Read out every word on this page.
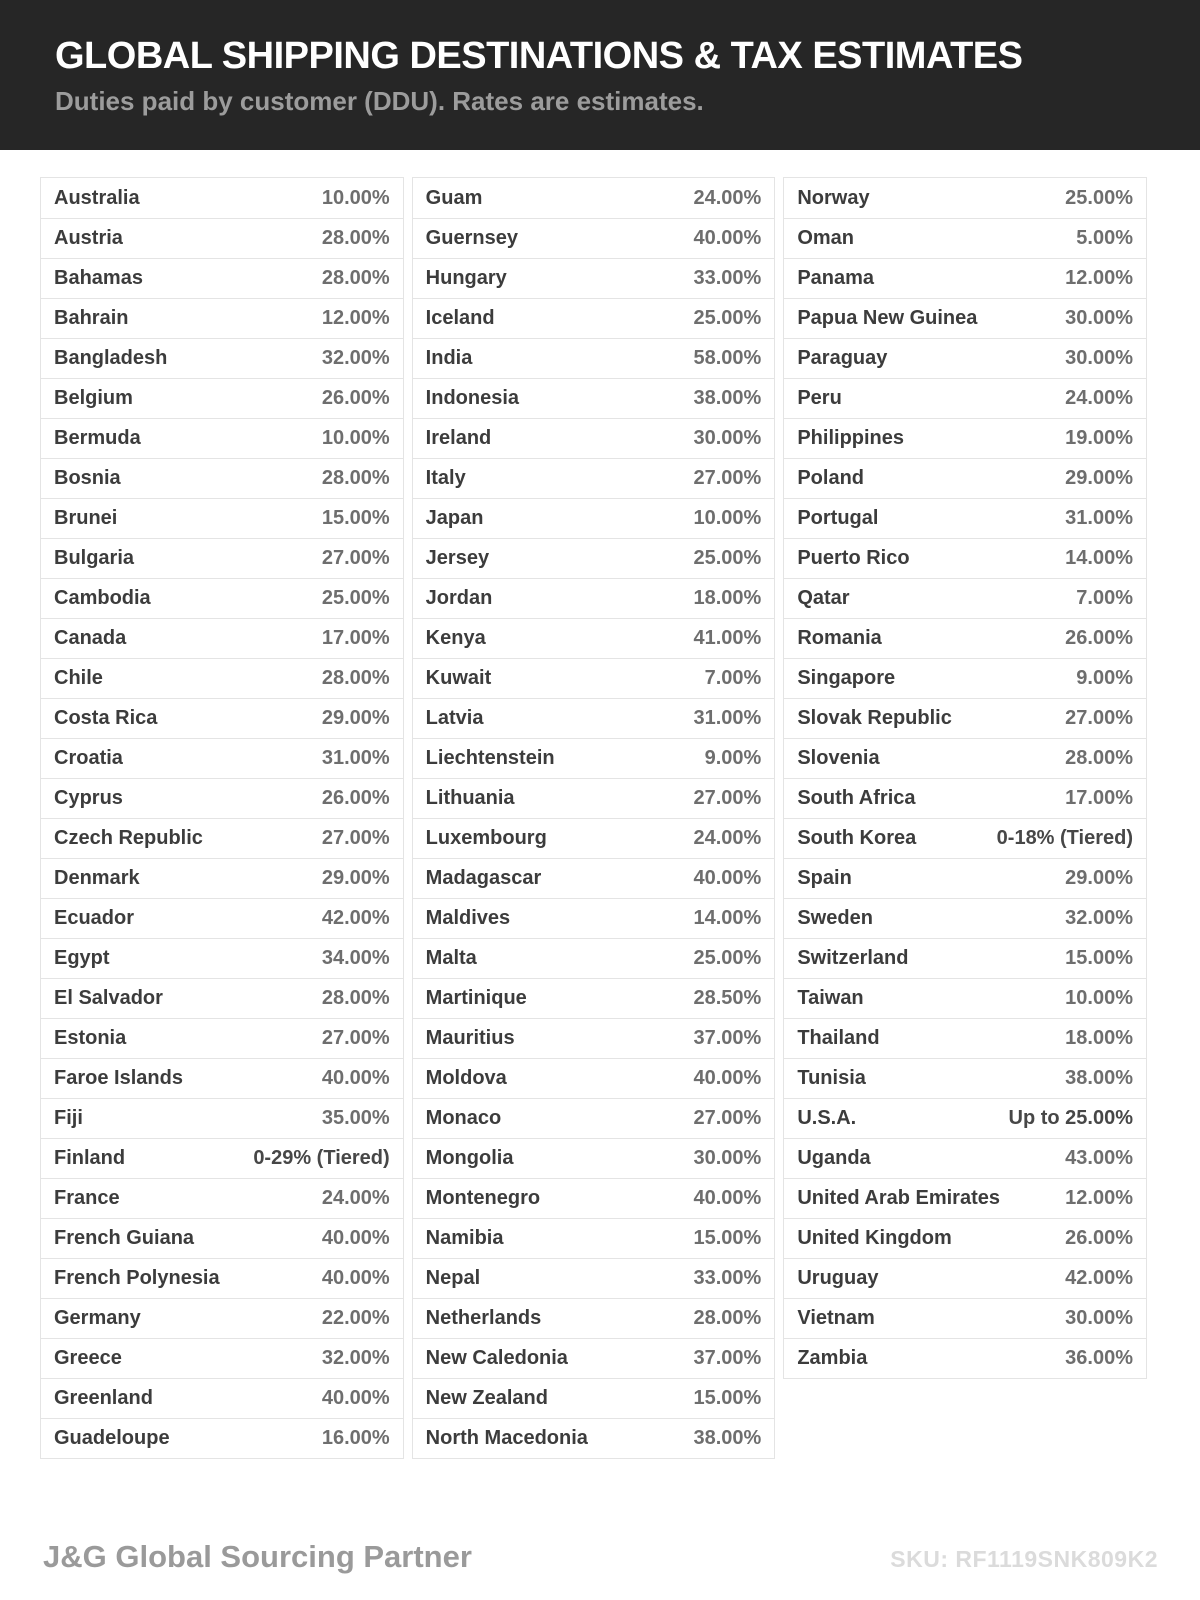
GLOBAL SHIPPING DESTINATIONS & TAX ESTIMATES

Duties paid by customer (DDU). Rates are estimates.

Australia	10.00%
Austria	28.00%
Bahamas	28.00%
Bahrain	12.00%
Bangladesh	32.00%
Belgium	26.00%
Bermuda	10.00%
Bosnia	28.00%
Brunei	15.00%
Bulgaria	27.00%
Cambodia	25.00%
Canada	17.00%
Chile	28.00%
Costa Rica	29.00%
Croatia	31.00%
Cyprus	26.00%
Czech Republic	27.00%
Denmark	29.00%
Ecuador	42.00%
Egypt	34.00%
El Salvador	28.00%
Estonia	27.00%
Faroe Islands	40.00%
Fiji	35.00%
Finland	0-29% (Tiered)
France	24.00%
French Guiana	40.00%
French Polynesia	40.00%
Germany	22.00%
Greece	32.00%
Greenland	40.00%
Guadeloupe	16.00%
Guam	24.00%
Guernsey	40.00%
Hungary	33.00%
Iceland	25.00%
India	58.00%
Indonesia	38.00%
Ireland	30.00%
Italy	27.00%
Japan	10.00%
Jersey	25.00%
Jordan	18.00%
Kenya	41.00%
Kuwait	7.00%
Latvia	31.00%
Liechtenstein	9.00%
Lithuania	27.00%
Luxembourg	24.00%
Madagascar	40.00%
Maldives	14.00%
Malta	25.00%
Martinique	28.50%
Mauritius	37.00%
Moldova	40.00%
Monaco	27.00%
Mongolia	30.00%
Montenegro	40.00%
Namibia	15.00%
Nepal	33.00%
Netherlands	28.00%
New Caledonia	37.00%
New Zealand	15.00%
North Macedonia	38.00%
Norway	25.00%
Oman	5.00%
Panama	12.00%
Papua New Guinea	30.00%
Paraguay	30.00%
Peru	24.00%
Philippines	19.00%
Poland	29.00%
Portugal	31.00%
Puerto Rico	14.00%
Qatar	7.00%
Romania	26.00%
Singapore	9.00%
Slovak Republic	27.00%
Slovenia	28.00%
South Africa	17.00%
South Korea	0-18% (Tiered)
Spain	29.00%
Sweden	32.00%
Switzerland	15.00%
Taiwan	10.00%
Thailand	18.00%
Tunisia	38.00%
U.S.A.	Up to 25.00%
Uganda	43.00%
United Arab Emirates	12.00%
United Kingdom	26.00%
Uruguay	42.00%
Vietnam	30.00%
Zambia	36.00%
J&G Global Sourcing Partner	SKU: RF1119SNK809K2
